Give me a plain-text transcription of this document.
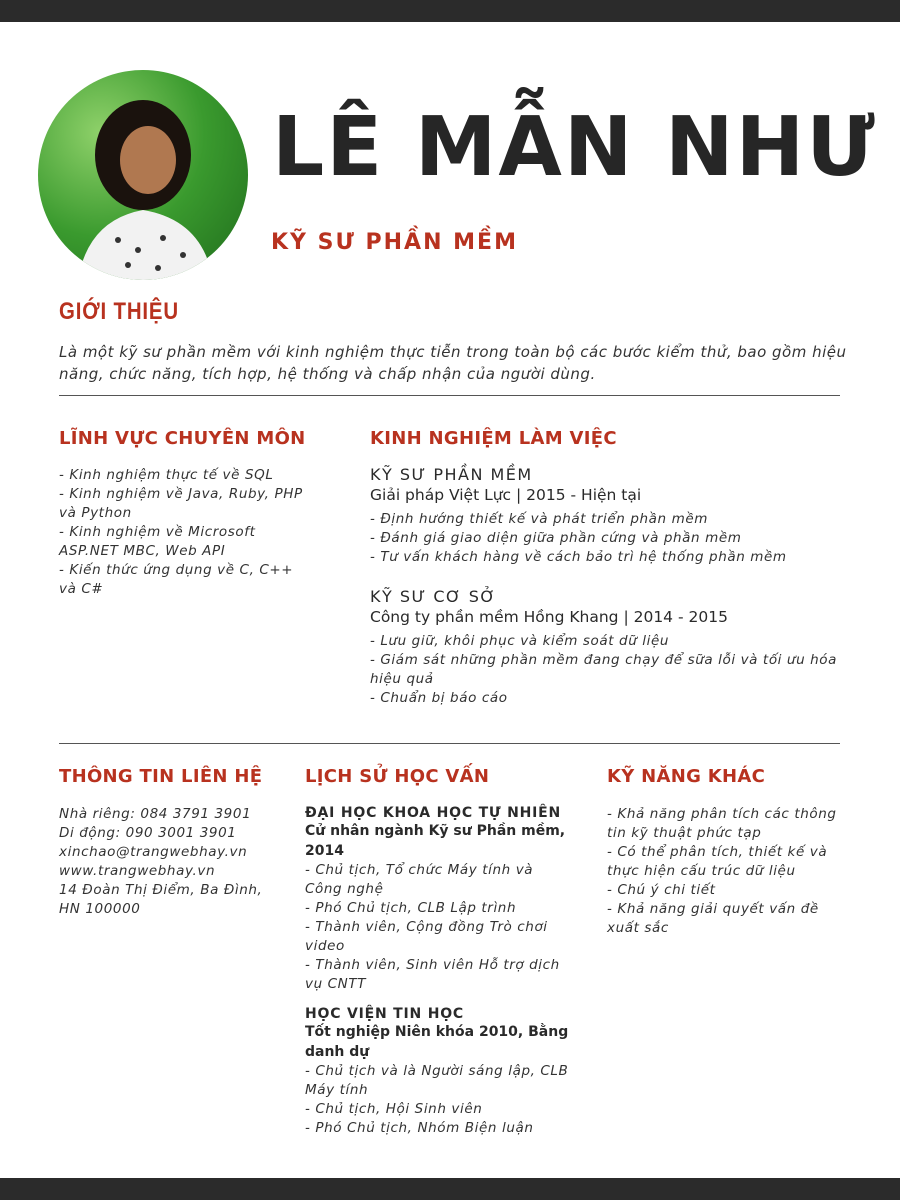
LÊ MẪN NHƯ
KỸ SƯ PHẦN MỀM
GIỚI THIỆU
Là một kỹ sư phần mềm với kinh nghiệm thực tiễn trong toàn bộ các bước kiểm thử, bao gồm hiệu năng, chức năng, tích hợp, hệ thống và chấp nhận của người dùng.
LĨNH VỰC CHUYÊN MÔN
- Kinh nghiệm thực tế về SQL
- Kinh nghiệm về Java, Ruby, PHP và Python
- Kinh nghiệm về Microsoft ASP.NET MBC, Web API
- Kiến thức ứng dụng về C, C++ và C#
KINH NGHIỆM LÀM VIỆC
KỸ SƯ PHẦN MỀM
Giải pháp Việt Lực | 2015 - Hiện tại
- Định hướng thiết kế và phát triển phần mềm
- Đánh giá giao diện giữa phần cứng và phần mềm
- Tư vấn khách hàng về cách bảo trì hệ thống phần mềm
KỸ SƯ CƠ SỞ
Công ty phần mềm Hồng Khang | 2014 - 2015
- Lưu giữ, khôi phục và kiểm soát dữ liệu
- Giám sát những phần mềm đang chạy để sữa lỗi và tối ưu hóa hiệu quả
- Chuẩn bị báo cáo
THÔNG TIN LIÊN HỆ
Nhà riêng: 084 3791 3901
Di động: 090 3001 3901
xinchao@trangwebhay.vn
www.trangwebhay.vn
14 Đoàn Thị Điểm, Ba Đình, HN 100000
LỊCH SỬ HỌC VẤN
ĐẠI HỌC KHOA HỌC TỰ NHIÊN
Cử nhân ngành Kỹ sư Phần mềm, 2014
- Chủ tịch, Tổ chức Máy tính và Công nghệ
- Phó Chủ tịch, CLB Lập trình
- Thành viên, Cộng đồng Trò chơi video
- Thành viên, Sinh viên Hỗ trợ dịch vụ CNTT
HỌC VIỆN TIN HỌC
Tốt nghiệp Niên khóa 2010, Bằng danh dự
- Chủ tịch và là Người sáng lập, CLB Máy tính
- Chủ tịch, Hội Sinh viên
- Phó Chủ tịch, Nhóm Biện luận
KỸ NĂNG KHÁC
- Khả năng phân tích các thông tin kỹ thuật phức tạp
- Có thể phân tích, thiết kế và thực hiện cấu trúc dữ liệu
- Chú ý chi tiết
- Khả năng giải quyết vấn đề xuất sắc
